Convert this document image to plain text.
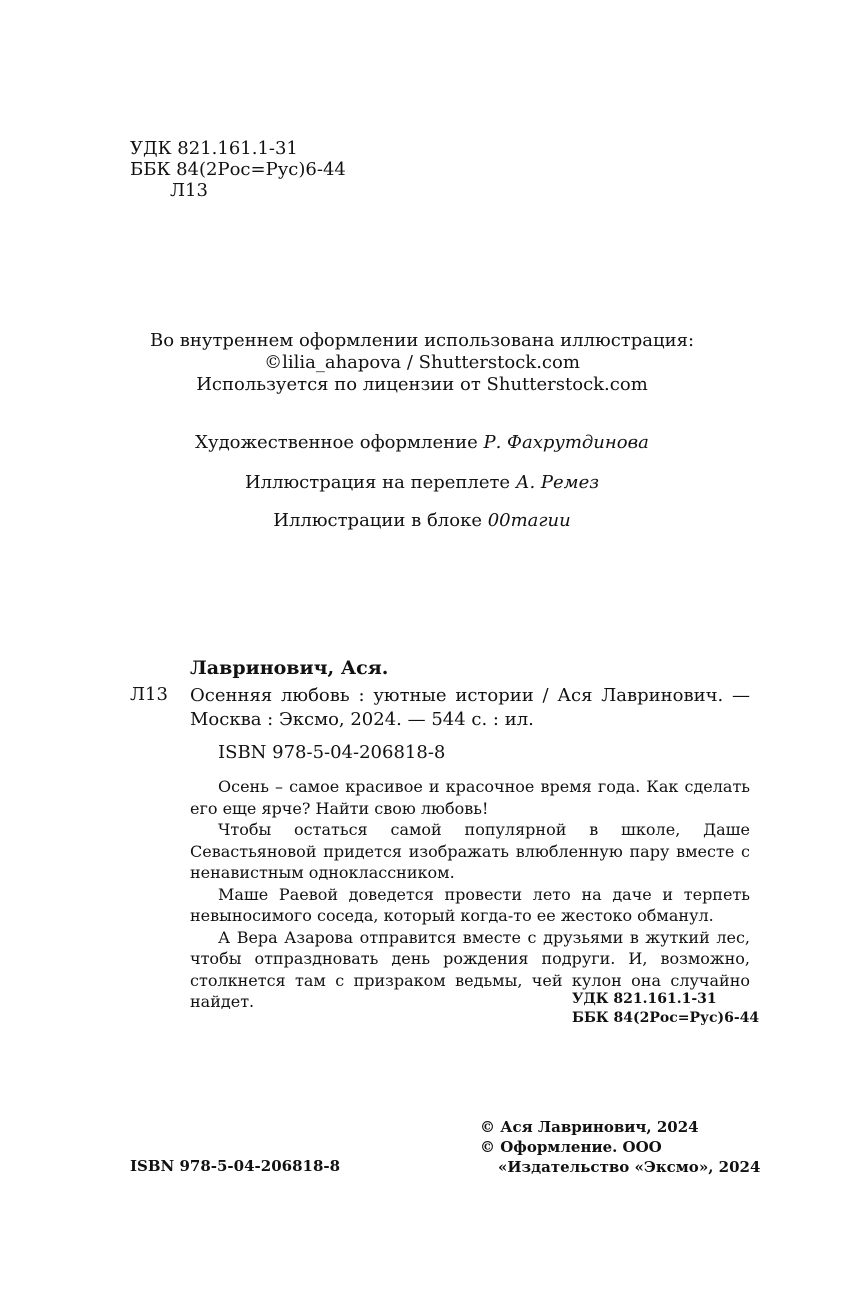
УДК 821.161.1-31
ББК 84(2Рос=Рус)6-44
Л13
Во внутреннем оформлении использована иллюстрация:
©lilia_ahapova / Shutterstock.com
Используется по лицензии от Shutterstock.com
Художественное оформление Р. Фахрутдинова
Иллюстрация на переплете А. Ремез
Иллюстрации в блоке 00тагии
Лавринович, Ася.
Л13 Осенняя любовь : уютные истории / Ася Лавринович. — Москва : Эксмо, 2024. — 544 с. : ил.
ISBN 978-5-04-206818-8

Осень – самое красивое и красочное время года. Как сделать его еще ярче? Найти свою любовь!

Чтобы остаться самой популярной в школе, Даше Севастьяновой придется изображать влюбленную пару вместе с ненавистным одноклассником.

Маше Раевой доведется провести лето на даче и терпеть невыносимого соседа, который когда-то ее жестоко обманул.

А Вера Азарова отправится вместе с друзьями в жуткий лес, чтобы отпраздновать день рождения подруги. И, возможно, столкнется там с призраком ведьмы, чей кулон она случайно найдет.	УДК 821.161.1-31
ББК 84(2Рос=Рус)6-44
© Ася Лавринович, 2024
© Оформление. ООО
«Издательство «Эксмо», 2024
ISBN 978-5-04-206818-8
